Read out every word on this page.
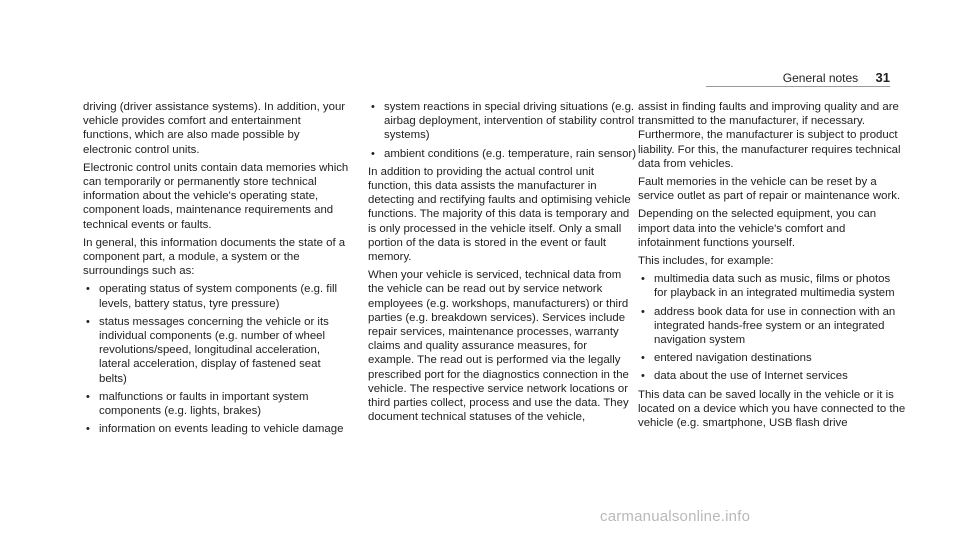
General notes 31

driving (driver assistance systems). In addition, your vehicle provides comfort and entertainment functions, which are also made possible by electronic control units.

Electronic control units contain data memories which can temporarily or permanently store technical information about the vehicle's operating state, component loads, maintenance requirements and technical events or faults.

In general, this information documents the state of a component part, a module, a system or the surroundings such as:

• operating status of system components (e.g. fill levels, battery status, tyre pressure)
• status messages concerning the vehicle or its individual components (e.g. number of wheel revolutions/speed, longitudinal acceleration, lateral acceleration, display of fastened seat belts)
• malfunctions or faults in important system components (e.g. lights, brakes)
• information on events leading to vehicle damage
• system reactions in special driving situations (e.g. airbag deployment, intervention of stability control systems)
• ambient conditions (e.g. temperature, rain sensor)

In addition to providing the actual control unit function, this data assists the manufacturer in detecting and rectifying faults and optimising vehicle functions. The majority of this data is temporary and is only processed in the vehicle itself. Only a small portion of the data is stored in the event or fault memory.

When your vehicle is serviced, technical data from the vehicle can be read out by service network employees (e.g. workshops, manufacturers) or third parties (e.g. breakdown services). Services include repair services, maintenance processes, warranty claims and quality assurance measures, for example. The read out is performed via the legally prescribed port for the diagnostics connection in the vehicle. The respective service network locations or third parties collect, process and use the data. They document technical statuses of the vehicle,

assist in finding faults and improving quality and are transmitted to the manufacturer, if necessary. Furthermore, the manufacturer is subject to product liability. For this, the manufacturer requires technical data from vehicles.

Fault memories in the vehicle can be reset by a service outlet as part of repair or maintenance work.

Depending on the selected equipment, you can import data into the vehicle's comfort and infotainment functions yourself.

This includes, for example:

• multimedia data such as music, films or photos for playback in an integrated multimedia system
• address book data for use in connection with an integrated hands-free system or an integrated navigation system
• entered navigation destinations
• data about the use of Internet services

This data can be saved locally in the vehicle or it is located on a device which you have connected to the vehicle (e.g. smartphone, USB flash drive

carmanualsonline.info
